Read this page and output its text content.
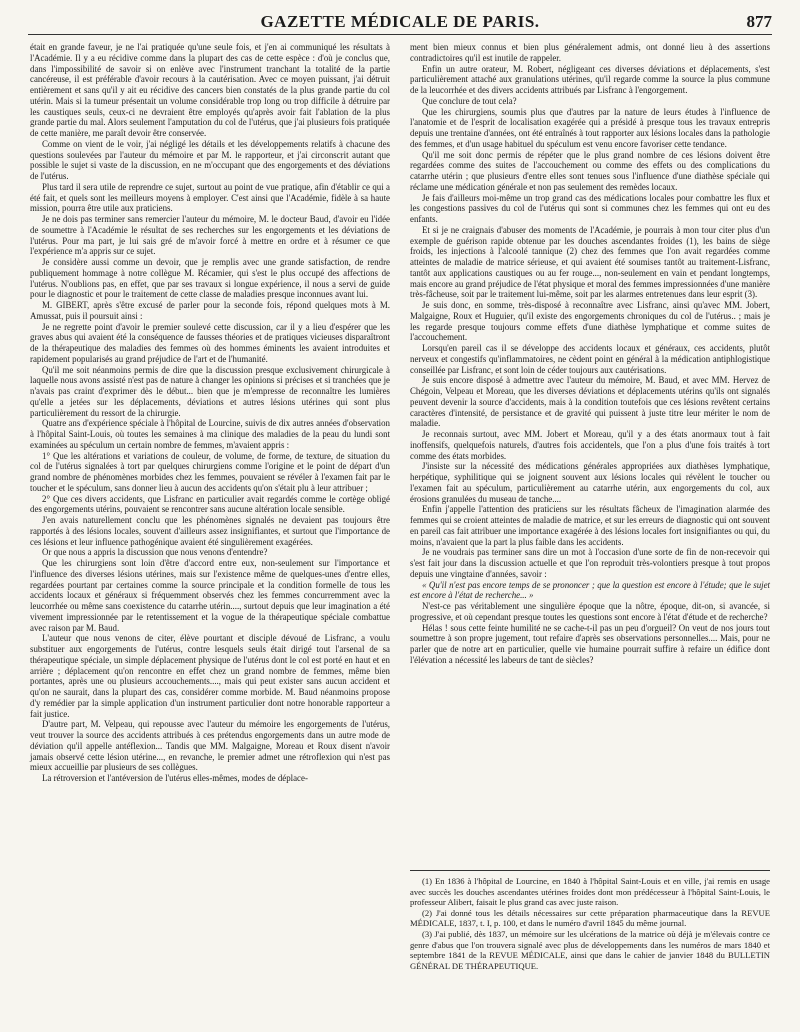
GAZETTE MÉDICALE DE PARIS.	877

était en grande faveur, je ne l'ai pratiquée qu'une seule fois, et j'en ai communiqué les résultats à l'Académie. Il y a eu récidive comme dans la plupart des cas de cette espèce : d'où je conclus que, dans l'impossibilité de savoir si on enlève avec l'instrument tranchant la totalité de la partie cancéreuse, il est préférable d'avoir recours à la cautérisation. Avec ce moyen puissant, j'ai détruit entièrement et sans qu'il y ait eu récidive des cancers bien constatés de la plus grande partie du col utérin. Mais si la tumeur présentait un volume considérable trop long ou trop difficile à détruire par les caustiques seuls, ceux-ci ne devraient être employés qu'après avoir fait l'ablation de la plus grande partie du mal. Alors seulement l'amputation du col de l'utérus, que j'ai plusieurs fois pratiquée de cette manière, me paraît devoir être conservée.

Comme on vient de le voir, j'ai négligé les détails et les développements relatifs à chacune des questions soulevées par l'auteur du mémoire et par M. le rapporteur, et j'ai circonscrit autant que possible le sujet si vaste de la discussion, en ne m'occupant que des engorgements et des déviations de l'utérus.

Plus tard il sera utile de reprendre ce sujet, surtout au point de vue pratique, afin d'établir ce qui a été fait, et quels sont les meilleurs moyens à employer. C'est ainsi que l'Académie, fidèle à sa haute mission, pourra être utile aux praticiens.

Je ne dois pas terminer sans remercier l'auteur du mémoire, M. le docteur Baud, d'avoir eu l'idée de soumettre à l'Académie le résultat de ses recherches sur les engorgements et les déviations de l'utérus. Pour ma part, je lui sais gré de m'avoir forcé à mettre en ordre et à résumer ce que l'expérience m'a appris sur ce sujet.

Je considère aussi comme un devoir, que je remplis avec une grande satisfaction, de rendre publiquement hommage à notre collègue M. Récamier, qui s'est le plus occupé des affections de l'utérus. N'oublions pas, en effet, que par ses travaux si longue expérience, il nous a servi de guide pour le diagnostic et pour le traitement de cette classe de maladies presque inconnues avant lui.

M. GIBERT, après s'être excusé de parler pour la seconde fois, répond quelques mots à M. Amussat, puis il poursuit ainsi :

Je ne regrette point d'avoir le premier soulevé cette discussion, car il y a lieu d'espérer que les graves abus qui avaient été la conséquence de fausses théories et de pratiques vicieuses disparaîtront de la thérapeutique des maladies des femmes où des hommes éminents les avaient introduites et rapidement popularisés au grand préjudice de l'art et de l'humanité.

Qu'il me soit néanmoins permis de dire que la discussion presque exclusivement chirurgicale à laquelle nous avons assisté n'est pas de nature à changer les opinions si précises et si tranchées que je n'avais pas craint d'exprimer dès le début... bien que je m'empresse de reconnaître les lumières qu'elle a jetées sur les déplacements, déviations et autres lésions utérines qui sont plus particulièrement du ressort de la chirurgie.

Quatre ans d'expérience spéciale à l'hôpital de Lourcine, suivis de dix autres années d'observation à l'hôpital Saint-Louis, où toutes les semaines à ma clinique des maladies de la peau du lundi sont examinées au spéculum un certain nombre de femmes, m'avaient appris :

1° Que les altérations et variations de couleur, de volume, de forme, de texture, de situation du col de l'utérus signalées à tort par quelques chirurgiens comme l'origine et le point de départ d'un grand nombre de phénomènes morbides chez les femmes, pouvaient se révéler à l'examen fait par le toucher et le spéculum, sans donner lieu à aucun des accidents qu'on s'était plu à leur attribuer ;

2° Que ces divers accidents, que Lisfranc en particulier avait regardés comme le cortège obligé des engorgements utérins, pouvaient se rencontrer sans aucune altération locale sensible.

J'en avais naturellement conclu que les phénomènes signalés ne devaient pas toujours être rapportés à des lésions locales, souvent d'ailleurs assez insignifiantes, et surtout que l'importance de ces lésions et leur influence pathogénique avaient été singulièrement exagérées.

Or que nous a appris la discussion que nous venons d'entendre?

Que les chirurgiens sont loin d'être d'accord entre eux, non-seulement sur l'importance et l'influence des diverses lésions utérines, mais sur l'existence même de quelques-unes d'entre elles, regardées pourtant par certaines comme la source principale et la condition formelle de tous les accidents locaux et généraux si fréquemment observés chez les femmes concurremment avec la leucorrhée ou même sans coexistence du catarrhe utérin...., surtout depuis que leur imagination a été vivement impressionnée par le retentissement et la vogue de la thérapeutique spéciale combattue avec raison par M. Baud.

L'auteur que nous venons de citer, élève pourtant et disciple dévoué de Lisfranc, a voulu substituer aux engorgements de l'utérus, contre lesquels seuls était dirigé tout l'arsenal de sa thérapeutique spéciale, un simple déplacement physique de l'utérus dont le col est porté en haut et en arrière ; déplacement qu'on rencontre en effet chez un grand nombre de femmes, même bien portantes, après une ou plusieurs accouchements...., mais qui peut exister sans aucun accident et qu'on ne saurait, dans la plupart des cas, considérer comme morbide. M. Baud néanmoins propose d'y remédier par la simple application d'un instrument particulier dont notre honorable rapporteur a fait justice.

D'autre part, M. Velpeau, qui repousse avec l'auteur du mémoire les engorgements de l'utérus, veut trouver la source des accidents attribués à ces prétendus engorgements dans un autre mode de déviation qu'il appelle antéflexion... Tandis que MM. Malgaigne, Moreau et Roux disent n'avoir jamais observé cette lésion utérine..., en revanche, le premier admet une rétroflexion qui n'est pas mieux accueillie par plusieurs de ses collègues.

La rétroversion et l'antéversion de l'utérus elles-mêmes, modes de déplace-

ment bien mieux connus et bien plus généralement admis, ont donné lieu à des assertions contradictoires qu'il est inutile de rappeler.

Enfin un autre orateur, M. Robert, négligeant ces diverses déviations et déplacements, s'est particulièrement attaché aux granulations utérines, qu'il regarde comme la source la plus commune de la leucorrhée et des divers accidents attribués par Lisfranc à l'engorgement.

Que conclure de tout cela?

Que les chirurgiens, soumis plus que d'autres par la nature de leurs études à l'influence de l'anatomie et de l'esprit de localisation exagérée qui a présidé à presque tous les travaux entrepris depuis une trentaine d'années, ont été entraînés à tout rapporter aux lésions locales dans la pathologie des femmes, et d'un usage habituel du spéculum est venu encore favoriser cette tendance.

Qu'il me soit donc permis de répéter que le plus grand nombre de ces lésions doivent être regardées comme des suites de l'accouchement ou comme des effets ou des complications du catarrhe utérin ; que plusieurs d'entre elles sont tenues sous l'influence d'une diathèse spéciale qui réclame une médication générale et non pas seulement des remèdes locaux.

Je fais d'ailleurs moi-même un trop grand cas des médications locales pour combattre les flux et les congestions passives du col de l'utérus qui sont si communes chez les femmes qui ont eu des enfants.

Et si je ne craignais d'abuser des moments de l'Académie, je pourrais à mon tour citer plus d'un exemple de guérison rapide obtenue par les douches ascendantes froides (1), les bains de siège froids, les injections à l'alcoolé tannique (2) chez des femmes que l'on avait regardées comme atteintes de maladie de matrice sérieuse, et qui avaient été soumises tantôt au traitement-Lisfranc, tantôt aux applications caustiques ou au fer rouge..., non-seulement en vain et pendant longtemps, mais encore au grand préjudice de l'état physique et moral des femmes impressionnées d'une manière très-fâcheuse, soit par le traitement lui-même, soit par les alarmes entretenues dans leur esprit (3).

Je suis donc, en somme, très-disposé à reconnaître avec Lisfranc, ainsi qu'avec MM. Jobert, Malgaigne, Roux et Huguier, qu'il existe des engorgements chroniques du col de l'utérus.. ; mais je les regarde presque toujours comme effets d'une diathèse lymphatique et comme suites de l'accouchement.

Lorsqu'en pareil cas il se développe des accidents locaux et généraux, ces accidents, plutôt nerveux et congestifs qu'inflammatoires, ne cèdent point en général à la médication antiphlogistique conseillée par Lisfranc, et sont loin de céder toujours aux cautérisations.

Je suis encore disposé à admettre avec l'auteur du mémoire, M. Baud, et avec MM. Hervez de Chégoin, Velpeau et Moreau, que les diverses déviations et déplacements utérins qu'ils ont signalés peuvent devenir la source d'accidents, mais à la condition toutefois que ces lésions revêtent certains caractères d'intensité, de persistance et de gravité qui puissent à juste titre leur mériter le nom de maladie.

Je reconnais surtout, avec MM. Jobert et Moreau, qu'il y a des états anormaux tout à fait inoffensifs, quelquefois naturels, d'autres fois accidentels, que l'on a plus d'une fois traités à tort comme des états morbides.

J'insiste sur la nécessité des médications générales appropriées aux diathèses lymphatique, herpétique, syphilitique qui se joignent souvent aux lésions locales qui révèlent le toucher ou l'examen fait au spéculum, particulièrement au catarrhe utérin, aux engorgements du col, aux érosions granulées du museau de tanche....

Enfin j'appelle l'attention des praticiens sur les résultats fâcheux de l'imagination alarmée des femmes qui se croient atteintes de maladie de matrice, et sur les erreurs de diagnostic qui ont souvent en pareil cas fait attribuer une importance exagérée à des lésions locales fort insignifiantes ou qui, du moins, n'avaient que la part la plus faible dans les accidents.

Je ne voudrais pas terminer sans dire un mot à l'occasion d'une sorte de fin de non-recevoir qui s'est fait jour dans la discussion actuelle et que l'on reproduit très-volontiers presque à tout propos depuis une vingtaine d'années, savoir :

« Qu'il n'est pas encore temps de se prononcer ; que la question est encore à l'étude; que le sujet est encore à l'état de recherche... »

N'est-ce pas véritablement une singulière époque que la nôtre, époque, dit-on, si avancée, si progressive, et où cependant presque toutes les questions sont encore à l'état d'étude et de recherche?

Hélas ! sous cette feinte humilité ne se cache-t-il pas un peu d'orgueil? On veut de nos jours tout soumettre à son propre jugement, tout refaire d'après ses observations personnelles.... Mais, pour ne parler que de notre art en particulier, quelle vie humaine pourrait suffire à refaire un édifice dont l'élévation a nécessité les labeurs de tant de siècles?

(1) En 1836 à l'hôpital de Lourcine, en 1840 à l'hôpital Saint-Louis et en ville, j'ai remis en usage avec succès les douches ascendantes utérines froides dont mon prédécesseur à l'hôpital Saint-Louis, le professeur Alibert, faisait le plus grand cas avec juste raison.

(2) J'ai donné tous les détails nécessaires sur cette préparation pharmaceutique dans la REVUE MÉDICALE, 1837, t. I, p. 100, et dans le numéro d'avril 1845 du même journal.

(3) J'ai publié, dès 1837, un mémoire sur les ulcérations de la matrice où déjà je m'élevais contre ce genre d'abus que l'on trouvera signalé avec plus de développements dans les numéros de mars 1840 et septembre 1841 de la REVUE MÉDICALE, ainsi que dans le cahier de janvier 1848 du BULLETIN GÉNÉRAL DE THÉRAPEUTIQUE.
